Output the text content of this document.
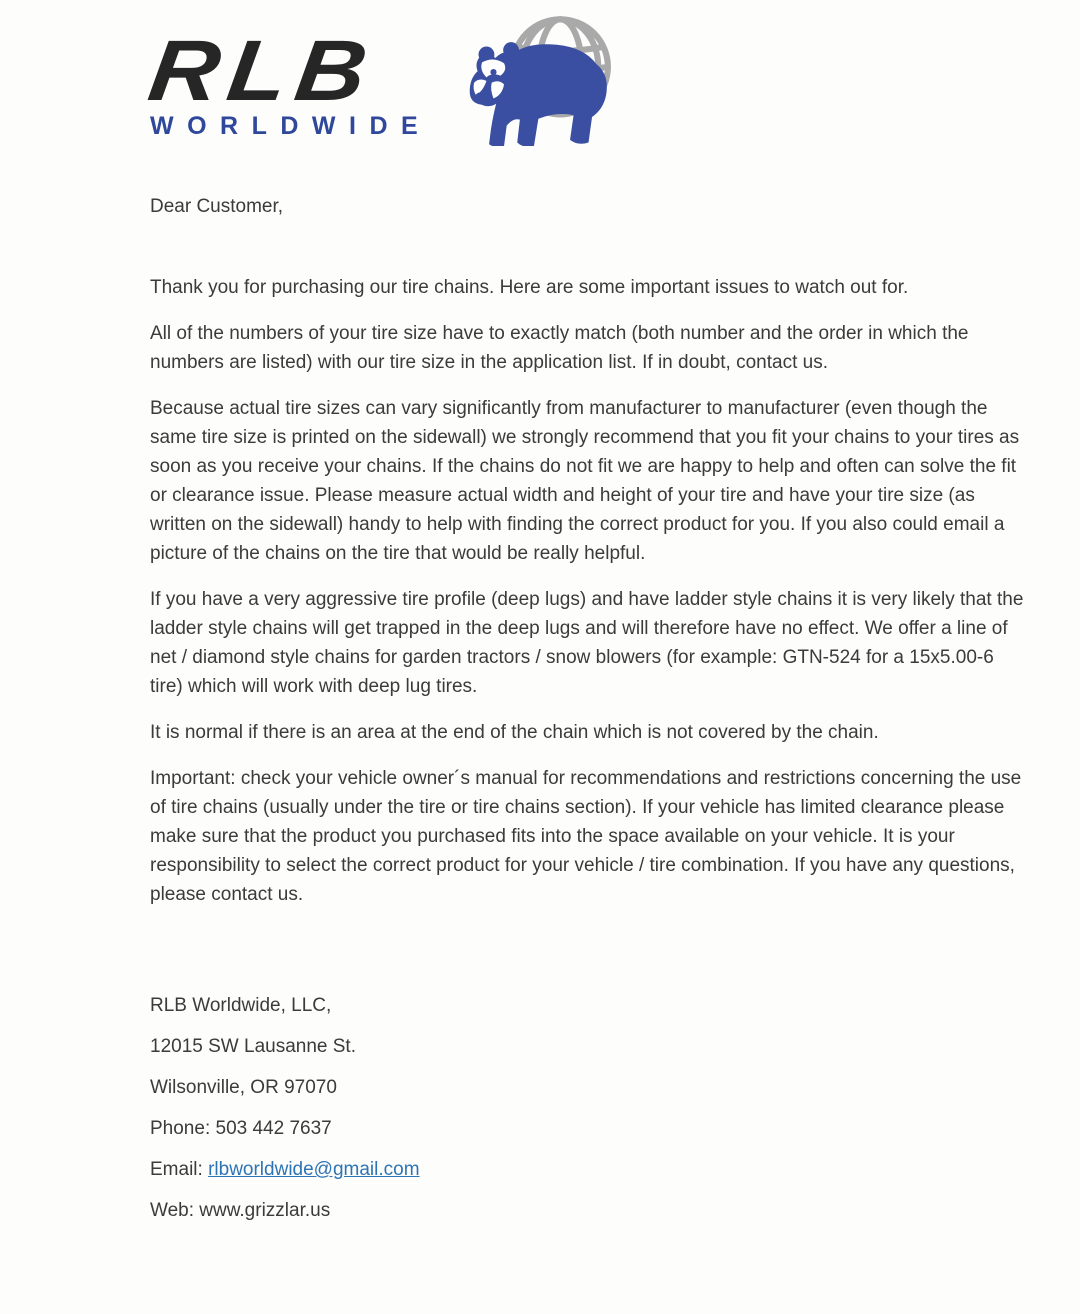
RLB
WORLDWIDE

Dear Customer,

Thank you for purchasing our tire chains. Here are some important issues to watch out for.

All of the numbers of your tire size have to exactly match (both number and the order in which the numbers are listed) with our tire size in the application list. If in doubt, contact us.

Because actual tire sizes can vary significantly from manufacturer to manufacturer (even though the same tire size is printed on the sidewall) we strongly recommend that you fit your chains to your tires as soon as you receive your chains. If the chains do not fit we are happy to help and often can solve the fit or clearance issue. Please measure actual width and height of your tire and have your tire size (as written on the sidewall) handy to help with finding the correct product for you. If you also could email a picture of the chains on the tire that would be really helpful.

If you have a very aggressive tire profile (deep lugs) and have ladder style chains it is very likely that the ladder style chains will get trapped in the deep lugs and will therefore have no effect. We offer a line of net / diamond style chains for garden tractors / snow blowers (for example: GTN-524 for a 15x5.00-6 tire) which will work with deep lug tires.

It is normal if there is an area at the end of the chain which is not covered by the chain.

Important: check your vehicle owner´s manual for recommendations and restrictions concerning the use of tire chains (usually under the tire or tire chains section). If your vehicle has limited clearance please make sure that the product you purchased fits into the space available on your vehicle. It is your responsibility to select the correct product for your vehicle / tire combination. If you have any questions, please contact us.

RLB Worldwide, LLC,
12015 SW Lausanne St.
Wilsonville, OR 97070
Phone: 503 442 7637
Email: rlbworldwide@gmail.com
Web: www.grizzlar.us
